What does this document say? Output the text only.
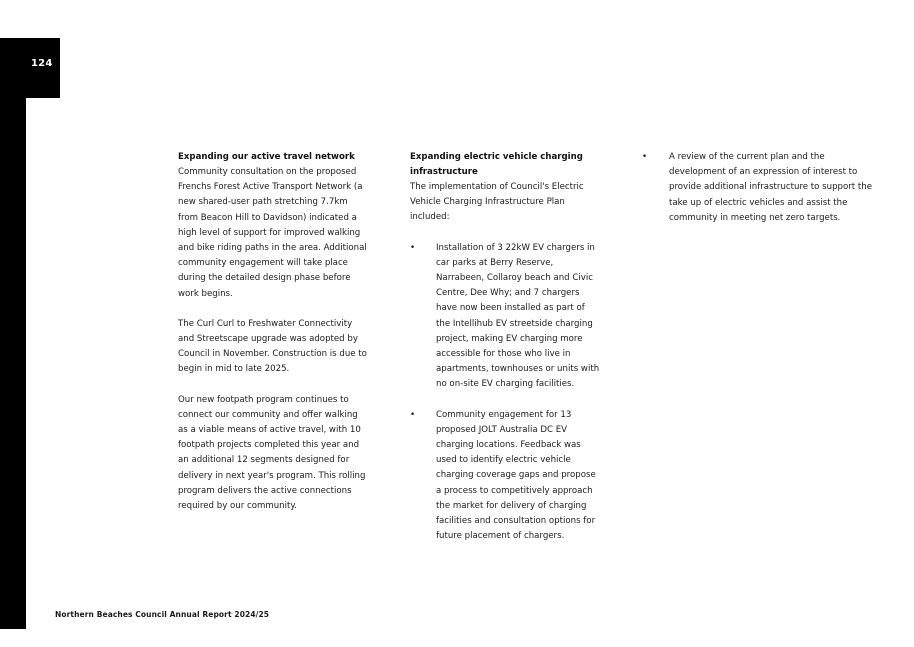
124
Expanding our active travel network

Community consultation on the proposed Frenchs Forest Active Transport Network (a new shared-user path stretching 7.7km from Beacon Hill to Davidson) indicated a high level of support for improved walking and bike riding paths in the area. Additional community engagement will take place during the detailed design phase before work begins.

The Curl Curl to Freshwater Connectivity and Streetscape upgrade was adopted by Council in November. Construction is due to begin in mid to late 2025.

Our new footpath program continues to connect our community and offer walking as a viable means of active travel, with 10 footpath projects completed this year and an additional 12 segments designed for delivery in next year's program. This rolling program delivers the active connections required by our community.

Expanding electric vehicle charging infrastructure

The implementation of Council's Electric Vehicle Charging Infrastructure Plan included:

• Installation of 3 22kW EV chargers in car parks at Berry Reserve, Narrabeen, Collaroy beach and Civic Centre, Dee Why; and 7 chargers have now been installed as part of the Intellihub EV streetside charging project, making EV charging more accessible for those who live in apartments, townhouses or units with no on-site EV charging facilities.
• Community engagement for 13 proposed JOLT Australia DC EV charging locations. Feedback was used to identify electric vehicle charging coverage gaps and propose a process to competitively approach the market for delivery of charging facilities and consultation options for future placement of chargers.
•	A review of the current plan and the development of an expression of interest to provide additional infrastructure to support the take up of electric vehicles and assist the community in meeting net zero targets.
Northern Beaches Council Annual Report 2024/25
